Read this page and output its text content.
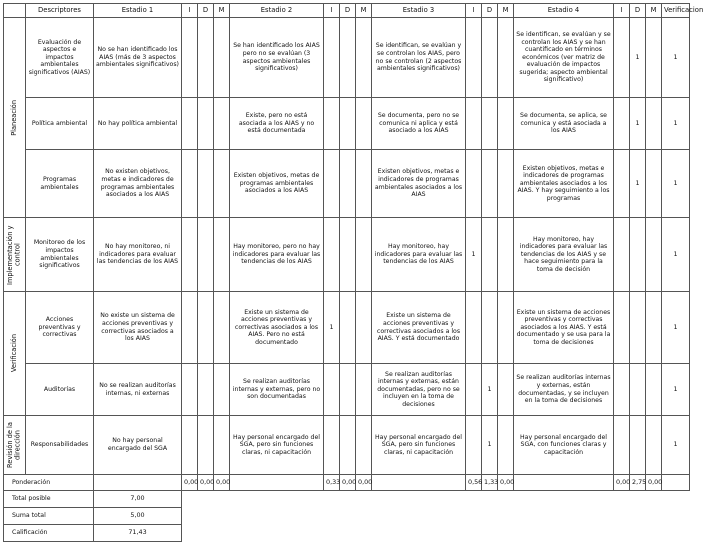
	Descriptores	Estadio 1	I	D	M	Estadio 2	I	D	M	Estadio 3	I	D	M	Estadio 4	I	D	M	Verificacion

Planeación	Evaluación de aspectos e impactos ambientales significativos (AIAS)	No se han identificado los AIAS (más de 3 aspectos ambientales significativos)				Se han identificado los AIAS pero no se evalúan (3 aspectos ambientales significativos)				Se identifican, se evalúan y se controlan los AIAS, pero no se controlan (2 aspectos ambientales significativos)				Se identifican, se evalúan y se controlan los AIAS y se han cuantificado en términos económicos (ver matriz de evaluación de impactos sugerida; aspecto ambiental significativo)		1		1
	Política ambiental	No hay política ambiental				Existe, pero no está asociada a los AIAS y no está documentada				Se documenta, pero no se comunica ni aplica y está asociado a los AIAS				Se documenta, se aplica, se comunica y está asociada a los AIAS		1		1
	Programas ambientales	No existen objetivos, metas e indicadores de programas ambientales asociados a los AIAS				Existen objetivos, metas de programas ambientales asociados a los AIAS				Existen objetivos, metas e indicadores de programas ambientales asociados a los AIAS				Existen objetivos, metas e indicadores de programas ambientales asociados a los AIAS. Y hay seguimiento a los programas		1		1

Implementación y control	Monitoreo de los impactos ambientales significativos	No hay monitoreo, ni indicadores para evaluar las tendencias de los AIAS				Hay monitoreo, pero no hay indicadores para evaluar las tendencias de los AIAS				Hay monitoreo, hay indicadores para evaluar las tendencias de los AIAS	1			Hay monitoreo, hay indicadores para evaluar las tendencias de los AIAS y se hace seguimiento para la toma de decisión				1

Verificación	Acciones preventivas y correctivas	No existe un sistema de acciones preventivas y correctivas asociados a los AIAS				Existe un sistema de acciones preventivas y correctivas asociados a los AIAS. Pero no está documentado	1			Existe un sistema de acciones preventivas y correctivas asociados a los AIAS. Y está documentado				Existe un sistema de acciones preventivas y correctivas asociados a los AIAS. Y está documentado y se usa para la toma de decisiones				1
	Auditorías	No se realizan auditorías internas, ni externas				Se realizan auditorías internas y externas, pero no son documentadas				Se realizan auditorías internas y externas, están documentadas, pero no se incluyen en la toma de decisiones		1		Se realizan auditorías internas y externas, están documentadas, y se incluyen en la toma de decisiones				1

Revisión de la dirección	Responsabilidades	No hay personal encargado del SGA				Hay personal encargado del SGA, pero sin funciones claras, ni capacitación				Hay personal encargado del SGA, pero sin funciones claras, ni capacitación		1		Hay personal encargado del SGA, con funciones claras y capacitación				1
Ponderación			0,00	0,00	0,00		0,33	0,00	0,00		0,56	1,33	0,00		0,00	2,75	0,00	
Total posible		7,00																
Suma total		5,00																
Calificación		71,43																
